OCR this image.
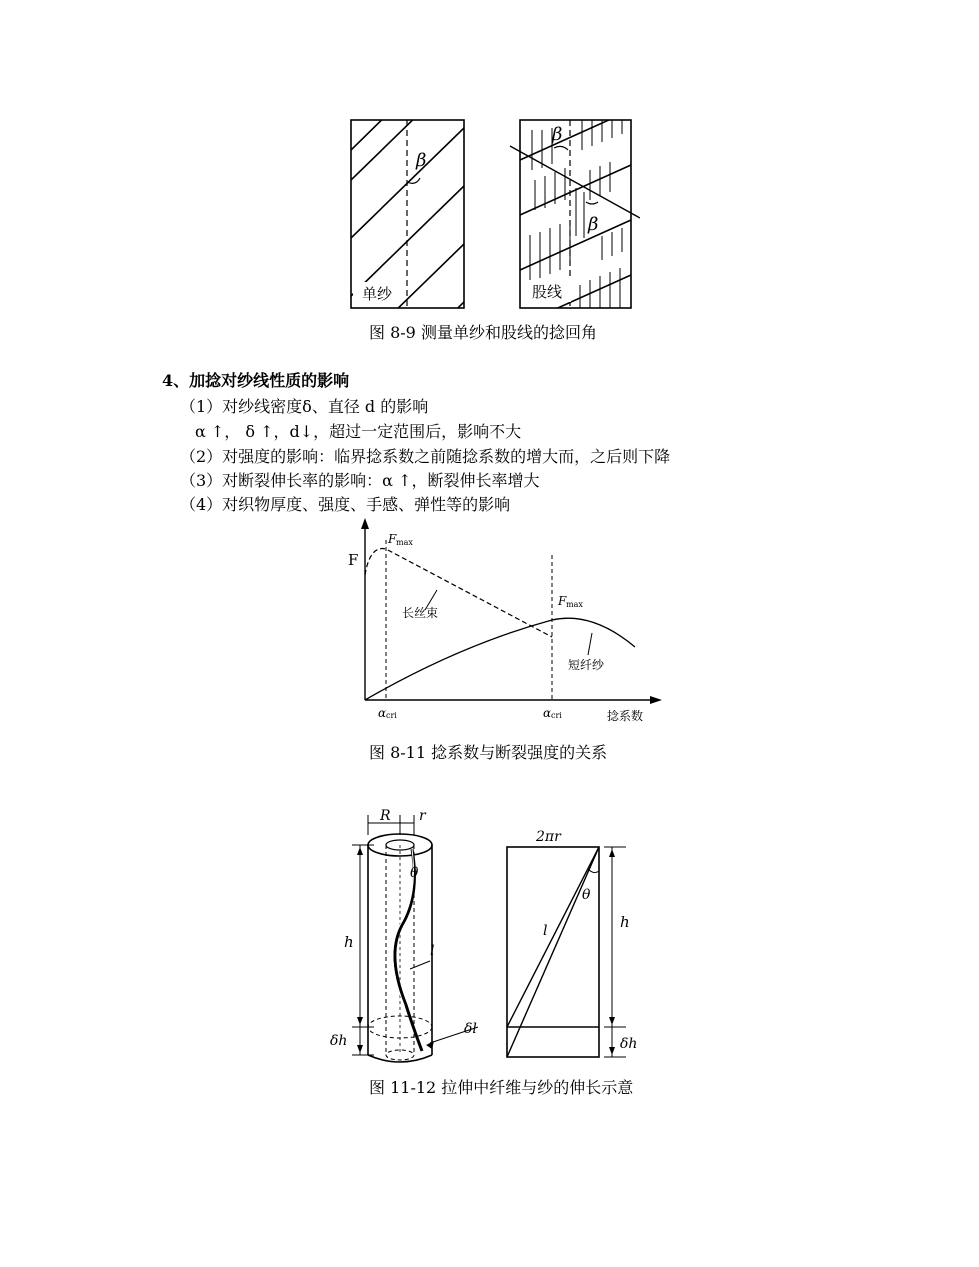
β
单纱
β
β
股线
图 8-9 测量单纱和股线的捻回角
4、加捻对纱线性质的影响
（1）对纱线密度δ、直径 d 的影响
α ↑， δ ↑，d↓，超过一定范围后，影响不大
（2）对强度的影响：临界捻系数之前随捻系数的增大而，之后则下降
（3）对断裂伸长率的影响：α ↑，断裂伸长率增大
（4）对织物厚度、强度、手感、弹性等的影响
F
F max
F max
长丝束
短纤纱
α cri	α cri	捻系数
图 8-11 捻系数与断裂强度的关系
R r
θ
h	l
δh
δl
2πr
θ
l	h
δh
图 11-12 拉伸中纤维与纱的伸长示意
